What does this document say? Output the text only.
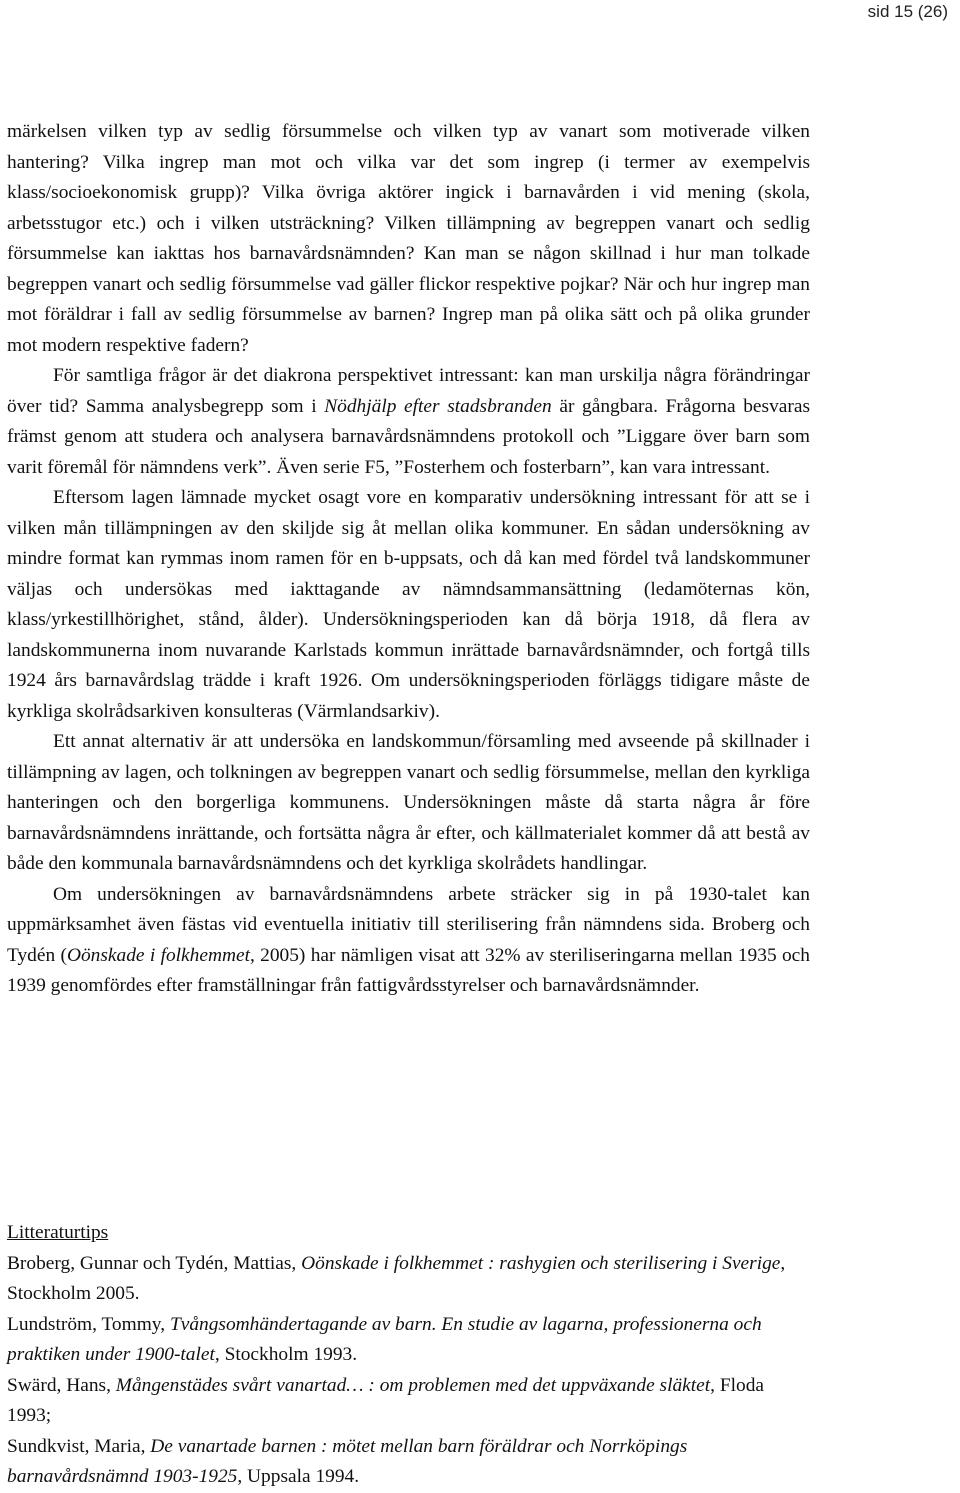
sid 15 (26)

märkelsen vilken typ av sedlig försummelse och vilken typ av vanart som motiverade vilken hantering? Vilka ingrep man mot och vilka var det som ingrep (i termer av exempelvis klass/socioekonomisk grupp)? Vilka övriga aktörer ingick i barnavården i vid mening (skola, arbetsstugor etc.) och i vilken utsträckning? Vilken tillämpning av begreppen vanart och sedlig försummelse kan iakttas hos barnavårdsnämnden? Kan man se någon skillnad i hur man tolkade begreppen vanart och sedlig försummelse vad gäller flickor respektive pojkar? När och hur ingrep man mot föräldrar i fall av sedlig försummelse av barnen? Ingrep man på olika sätt och på olika grunder mot modern respektive fadern?

För samtliga frågor är det diakrona perspektivet intressant: kan man urskilja några förändringar över tid? Samma analysbegrepp som i Nödhjälp efter stadsbranden är gångbara. Frågorna besvaras främst genom att studera och analysera barnavårdsnämndens protokoll och ”Liggare över barn som varit föremål för nämndens verk”. Även serie F5, ”Fosterhem och fosterbarn”, kan vara intressant.

Eftersom lagen lämnade mycket osagt vore en komparativ undersökning intressant för att se i vilken mån tillämpningen av den skiljde sig åt mellan olika kommuner. En sådan undersökning av mindre format kan rymmas inom ramen för en b-uppsats, och då kan med fördel två landskommuner väljas och undersökas med iakttagande av nämndsammansättning (ledamöternas kön, klass/yrkestillhörighet, stånd, ålder). Undersökningsperioden kan då börja 1918, då flera av landskommunerna inom nuvarande Karlstads kommun inrättade barnavårdsnämnder, och fortgå tills 1924 års barnavårdslag trädde i kraft 1926. Om undersökningsperioden förläggs tidigare måste de kyrkliga skolrådsarkiven konsulteras (Värmlandsarkiv).

Ett annat alternativ är att undersöka en landskommun/församling med avseende på skillnader i tillämpning av lagen, och tolkningen av begreppen vanart och sedlig försummelse, mellan den kyrkliga hanteringen och den borgerliga kommunens. Undersökningen måste då starta några år före barnavårdsnämndens inrättande, och fortsätta några år efter, och källmaterialet kommer då att bestå av både den kommunala barnavårdsnämndens och det kyrkliga skolrådets handlingar.

Om undersökningen av barnavårdsnämndens arbete sträcker sig in på 1930-talet kan uppmärksamhet även fästas vid eventuella initiativ till sterilisering från nämndens sida. Broberg och Tydén (Oönskade i folkhemmet, 2005) har nämligen visat att 32% av steriliseringarna mellan 1935 och 1939 genomfördes efter framställningar från fattigvårdsstyrelser och barnavårdsnämnder.

Litteraturtips

Broberg, Gunnar och Tydén, Mattias, Oönskade i folkhemmet : rashygien och sterilisering i Sverige, Stockholm 2005.

Lundström, Tommy, Tvångsomhändertagande av barn. En studie av lagarna, professionerna och praktiken under 1900-talet, Stockholm 1993.

Swärd, Hans, Mångenstädes svårt vanartad… : om problemen med det uppväxande släktet, Floda 1993;

Sundkvist, Maria, De vanartade barnen : mötet mellan barn föräldrar och Norrköpings barnavårdsnämnd 1903-1925, Uppsala 1994.
